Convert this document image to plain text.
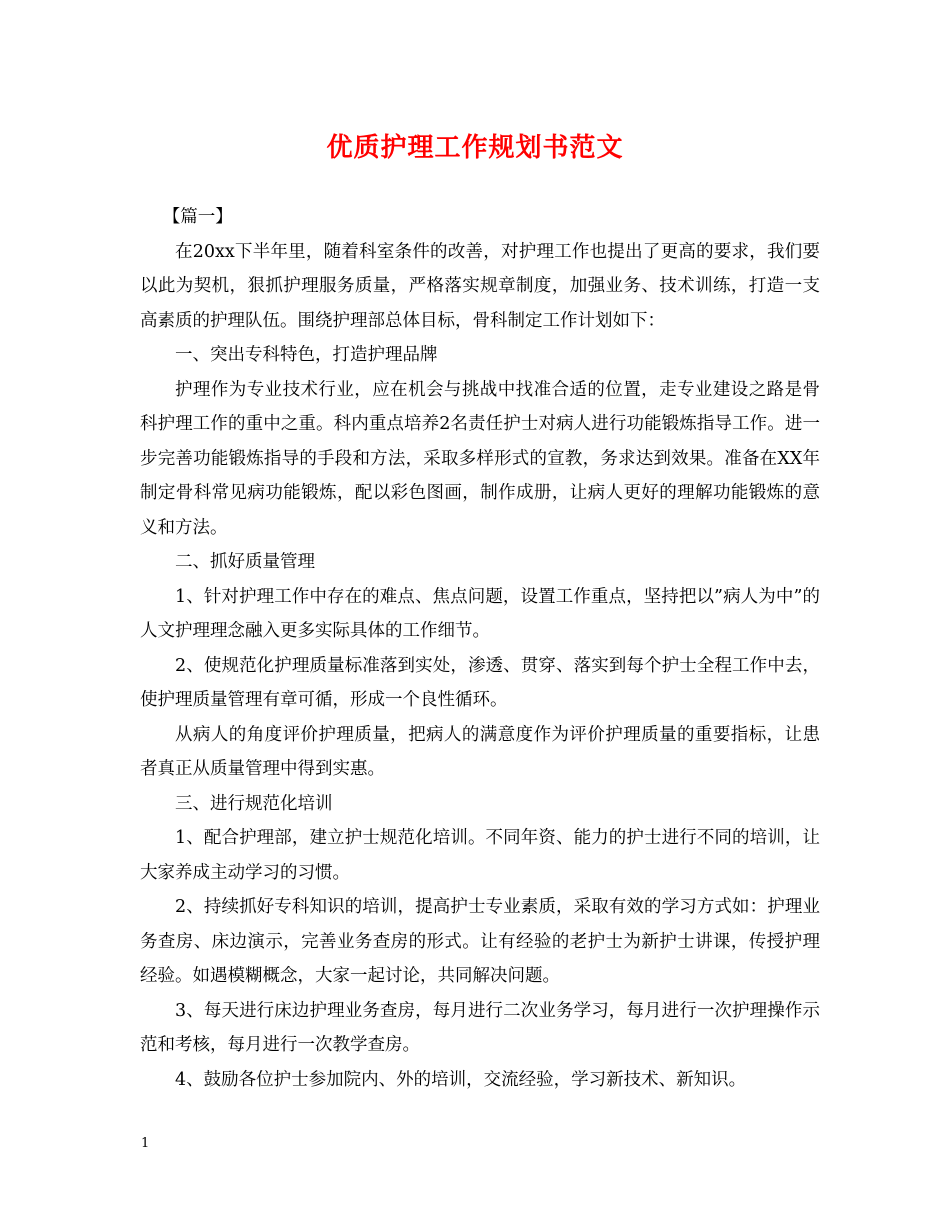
优质护理工作规划书范文

【篇一】

在20xx下半年里，随着科室条件的改善，对护理工作也提出了更高的要求，我们要以此为契机，狠抓护理服务质量，严格落实规章制度，加强业务、技术训练，打造一支高素质的护理队伍。围绕护理部总体目标，骨科制定工作计划如下：

一、突出专科特色，打造护理品牌

护理作为专业技术行业，应在机会与挑战中找准合适的位置，走专业建设之路是骨科护理工作的重中之重。科内重点培养2名责任护士对病人进行功能锻炼指导工作。进一步完善功能锻炼指导的手段和方法，采取多样形式的宣教，务求达到效果。准备在XX年制定骨科常见病功能锻炼，配以彩色图画，制作成册，让病人更好的理解功能锻炼的意义和方法。

二、抓好质量管理

1、针对护理工作中存在的难点、焦点问题，设置工作重点，坚持把以”病人为中”的人文护理理念融入更多实际具体的工作细节。

2、使规范化护理质量标准落到实处，渗透、贯穿、落实到每个护士全程工作中去，使护理质量管理有章可循，形成一个良性循环。

从病人的角度评价护理质量，把病人的满意度作为评价护理质量的重要指标，让患者真正从质量管理中得到实惠。

三、进行规范化培训

1、配合护理部，建立护士规范化培训。不同年资、能力的护士进行不同的培训，让大家养成主动学习的习惯。

2、持续抓好专科知识的培训，提高护士专业素质，采取有效的学习方式如：护理业务查房、床边演示，完善业务查房的形式。让有经验的老护士为新护士讲课，传授护理经验。如遇模糊概念，大家一起讨论，共同解决问题。

3、每天进行床边护理业务查房，每月进行二次业务学习，每月进行一次护理操作示范和考核，每月进行一次教学查房。

4、鼓励各位护士参加院内、外的培训，交流经验，学习新技术、新知识。

1
